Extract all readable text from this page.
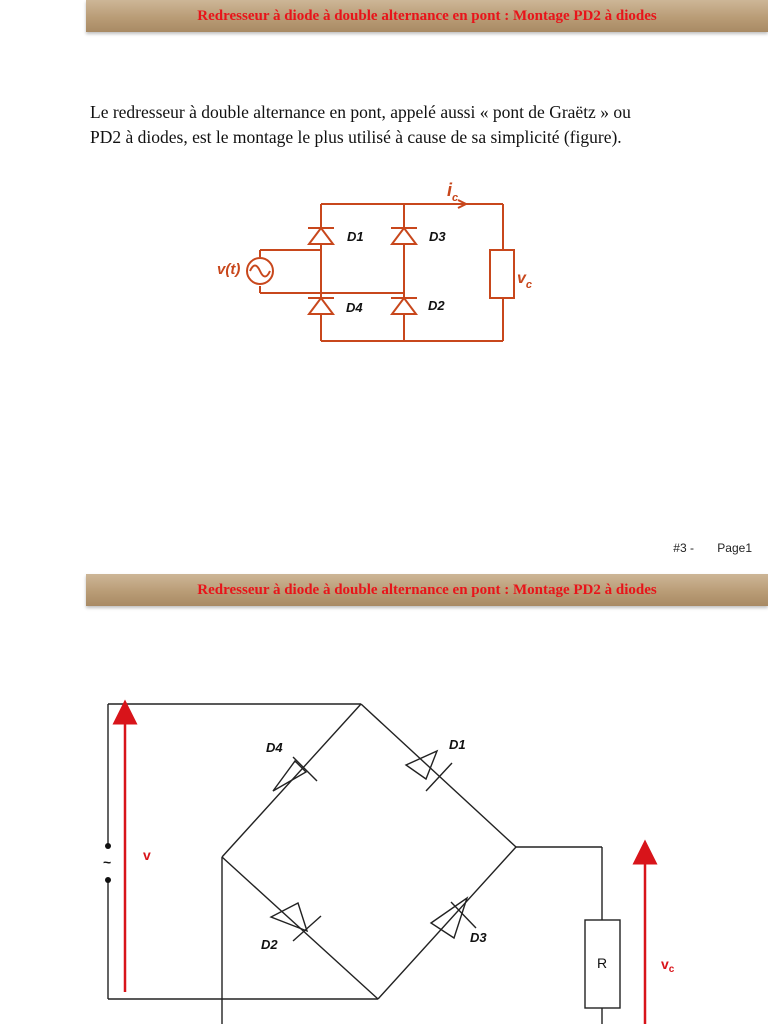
Redresseur à diode à double alternance en pont : Montage PD2 à diodes

Le redresseur à double alternance en pont, appelé aussi « pont de Graëtz » ou

PD2 à diodes, est le montage le plus utilisé à cause de sa simplicité (figure).

D1	D3
D4	D2
v(t)
$i_c$
$v_c$
#3 - Page1
Redresseur à diode à double alternance en pont : Montage PD2 à diodes
~
D4	D1
D2	D3
v
$v_c$
R
